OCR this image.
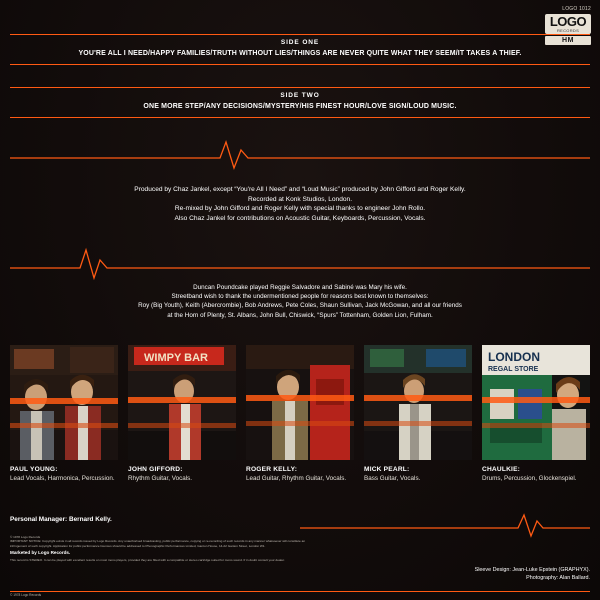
LOGO 1012
LOGO
RECORDS
HM
SIDE ONE
YOU'RE ALL I NEED/HAPPY FAMILIES/TRUTH WITHOUT LIES/THINGS ARE NEVER QUITE WHAT THEY SEEM/IT TAKES A THIEF.
SIDE TWO
ONE MORE STEP/ANY DECISIONS/MYSTERY/HIS FINEST HOUR/LOVE SIGN/LOUD MUSIC.
Produced by Chaz Jankel, except “You're All I Need” and “Loud Music” produced by John Gifford and Roger Kelly.
Recorded at Konk Studios, London.
Re-mixed by John Gifford and Roger Kelly with special thanks to engineer John Rollo.
Also Chaz Jankel for contributions on Acoustic Guitar, Keyboards, Percussion, Vocals.
Duncan Poundcake played Reggie Salvadore and Sabiné was Mary his wife.
Streetband wish to thank the undermentioned people for reasons best known to themselves:
Roy (Big Youth), Keith (Abercrombie), Bob Andrews, Pete Coles, Shaun Sullivan, Jack McGowan, and all our friends
at the Horn of Plenty, St. Albans, John Bull, Chiswick, “Spurs” Tottenham, Golden Lion, Fulham.
WIMPY BAR	LONDON
REGAL STORE
PAUL YOUNG:
Lead Vocals, Harmonica, Percussion.
JOHN GIFFORD:
Rhythm Guitar, Vocals.
ROGER KELLY:
Lead Guitar, Rhythm Guitar, Vocals.
MICK PEARL:
Bass Guitar, Vocals.
CHAULKIE:
Drums, Percussion, Glockenspiel.
Personal Manager: Bernard Kelly.
© 1978 Logo Records
IMPORTANT NOTICE: Copyright exists in all records issued by Logo Records. Any unauthorised broadcasting, public performance, copying or re-recording of such records in any manner whatsoever will constitute an infringement of such copyright. Application for public performance licences should be addressed to Phonographic Performances Limited, Ganton House, 14-22 Ganton Street, London W1.
Marketed by Logo Records.
This record is STEREO. It can be played with excellent results on most mono players, provided they are fitted with a compatible or stereo cartridge suited for mono sound. If in doubt consult your dealer.
Sleeve Design: Jean-Luke Epstein (GRAPHYX).
Photography: Alan Ballard.
© 1978 Logo Records
